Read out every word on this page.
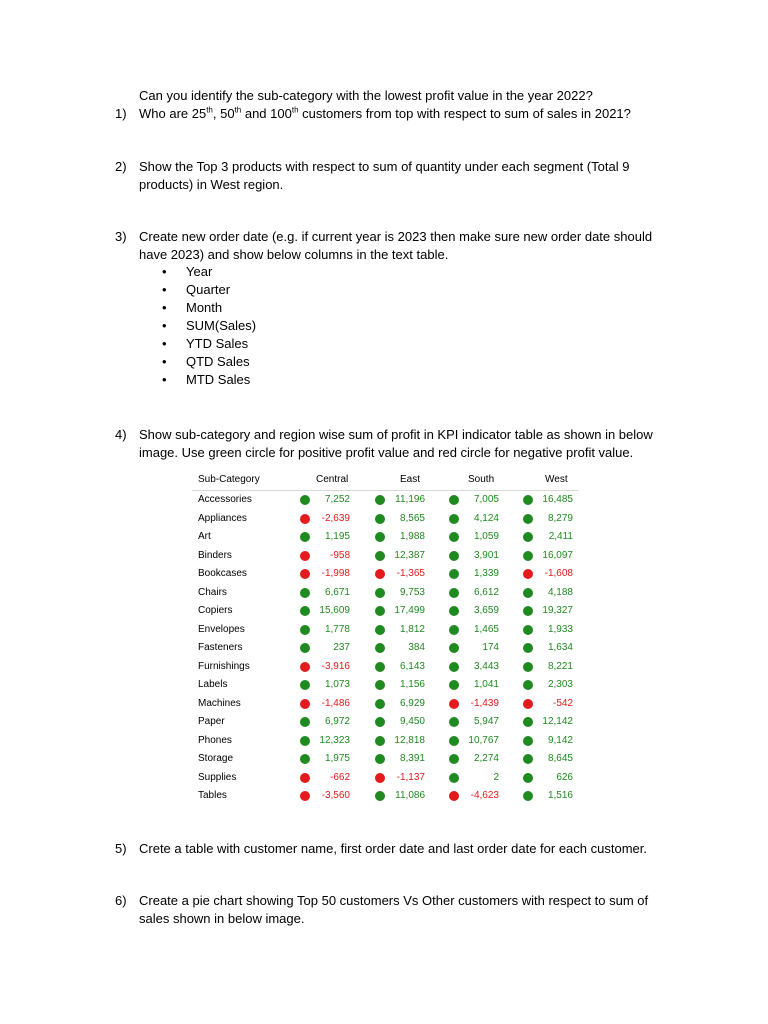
Can you identify the sub-category with the lowest profit value in the year 2022?
1) Who are 25th, 50th and 100th customers from top with respect to sum of sales in 2021?
2) Show the Top 3 products with respect to sum of quantity under each segment (Total 9
products) in West region.
3) Create new order date (e.g. if current year is 2023 then make sure new order date should
have 2023) and show below columns in the text table.
• Year
• Quarter
• Month
• SUM(Sales)
• YTD Sales
• QTD Sales
• MTD Sales
4) Show sub-category and region wise sum of profit in KPI indicator table as shown in below
image. Use green circle for positive profit value and red circle for negative profit value.
Sub-Category	Central	East	South	West
Accessories	7,252	11,196	7,005	16,485
Appliances	-2,639	8,565	4,124	8,279
Art	1,195	1,988	1,059	2,411
Binders	-958	12,387	3,901	16,097
Bookcases	-1,998	-1,365	1,339	-1,608
Chairs	6,671	9,753	6,612	4,188
Copiers	15,609	17,499	3,659	19,327
Envelopes	1,778	1,812	1,465	1,933
Fasteners	237	384	174	1,634
Furnishings	-3,916	6,143	3,443	8,221
Labels	1,073	1,156	1,041	2,303
Machines	-1,486	6,929	-1,439	-542
Paper	6,972	9,450	5,947	12,142
Phones	12,323	12,818	10,767	9,142
Storage	1,975	8,391	2,274	8,645
Supplies	-662	-1,137	2	626
Tables	-3,560	11,086	-4,623	1,516
5) Crete a table with customer name, first order date and last order date for each customer.
6) Create a pie chart showing Top 50 customers Vs Other customers with respect to sum of
sales shown in below image.
